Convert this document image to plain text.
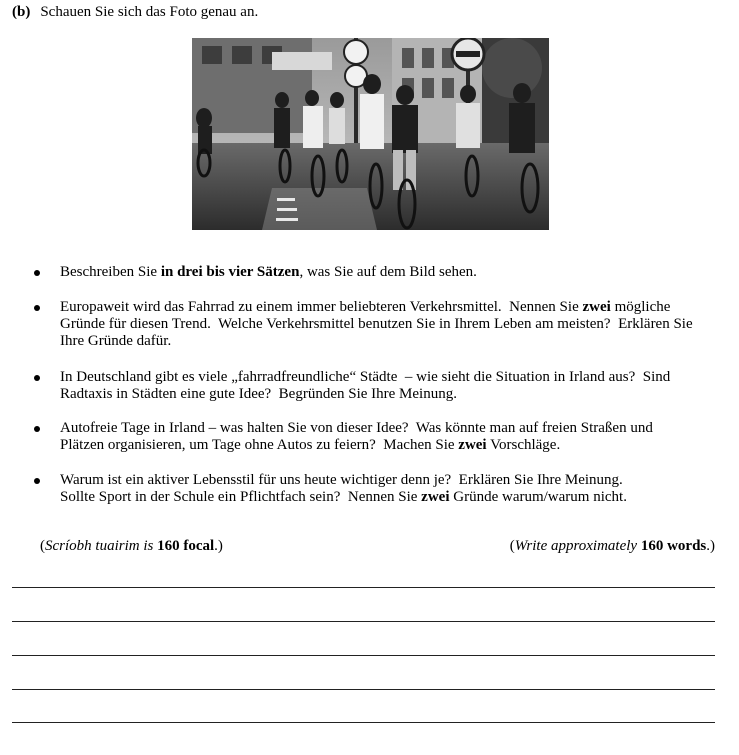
(b) Schauen Sie sich das Foto genau an.
Beschreiben Sie in drei bis vier Sätzen, was Sie auf dem Bild sehen.
Europaweit wird das Fahrrad zu einem immer beliebteren Verkehrsmittel.  Nennen Sie zwei mögliche
Gründe für diesen Trend.  Welche Verkehrsmittel benutzen Sie in Ihrem Leben am meisten?  Erklären Sie
Ihre Gründe dafür.
In Deutschland gibt es viele „fahrradfreundliche“ Städte  – wie sieht die Situation in Irland aus?  Sind
Radtaxis in Städten eine gute Idee?  Begründen Sie Ihre Meinung.
Autofreie Tage in Irland – was halten Sie von dieser Idee?  Was könnte man auf freien Straßen und
Plätzen organisieren, um Tage ohne Autos zu feiern?  Machen Sie zwei Vorschläge.
Warum ist ein aktiver Lebensstil für uns heute wichtiger denn je?  Erklären Sie Ihre Meinung.
Sollte Sport in der Schule ein Pflichtfach sein?  Nennen Sie zwei Gründe warum/warum nicht.
(Scríobh tuairim is 160 focal.)	(Write approximately 160 words.)
